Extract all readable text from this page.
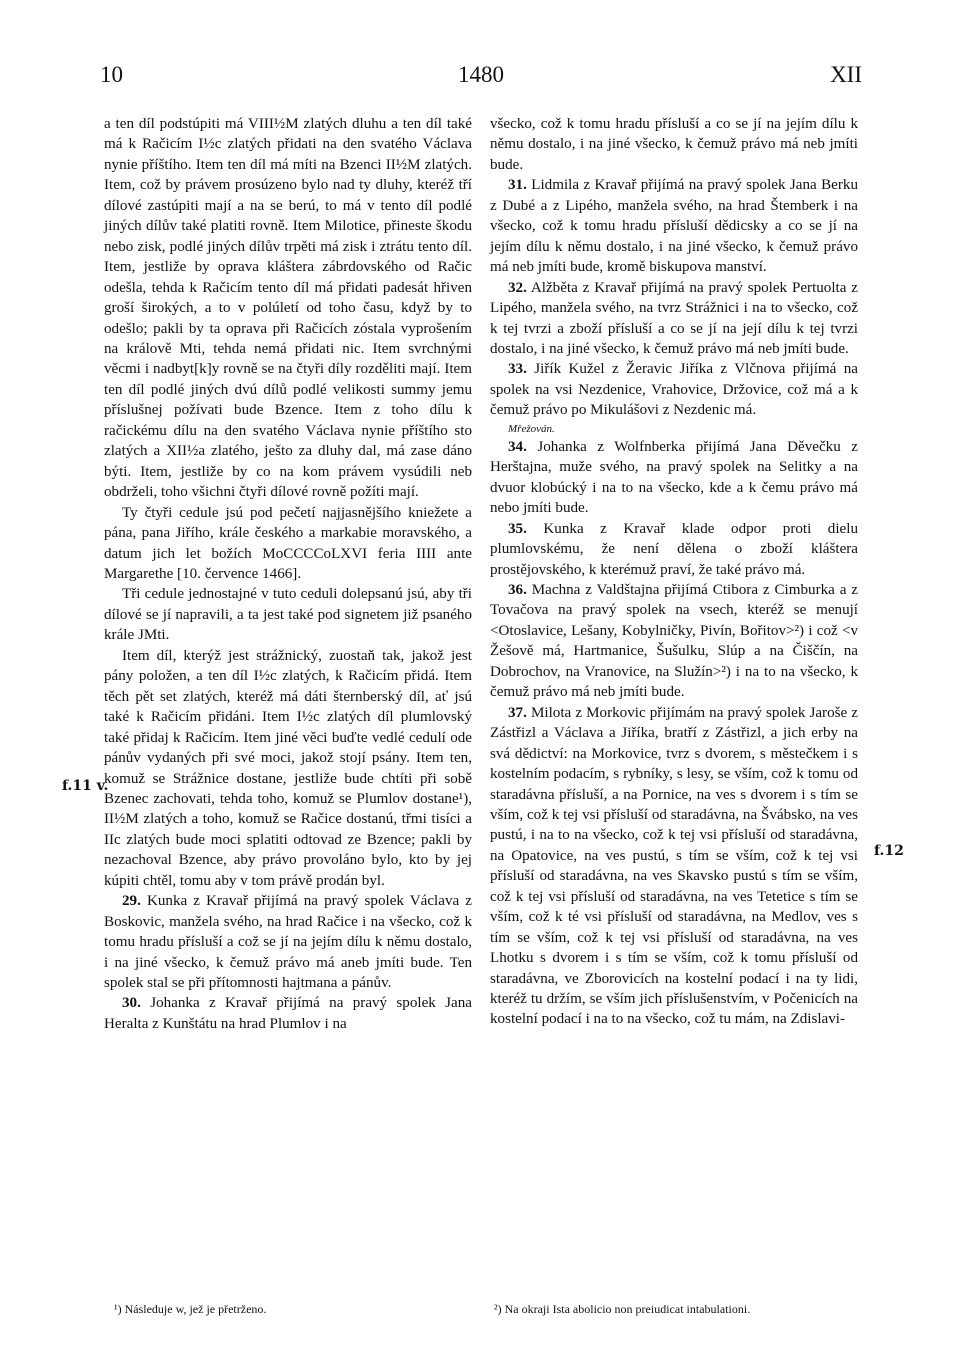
10	1480	XII

a ten díl podstúpiti má VIII½M zlatých dluhu a ten díl také má k Račicím I½c zlatých přidati na den svatého Václava nynie příštího. Item ten díl má míti na Bzenci II½M zlatých. Item, což by právem prosúzeno bylo nad ty dluhy, kteréž tří dílové zastúpiti mají a na se berú, to má v tento díl podlé jiných dílův také platiti rovně. Item Milotice, přineste škodu nebo zisk, podlé jiných dílův trpěti má zisk i ztrátu tento díl. Item, jestliže by oprava kláštera zábrdovského od Račic odešla, tehda k Račicím tento díl má přidati padesát hřiven groší širokých, a to v polúletí od toho času, když by to odešlo; pakli by ta oprava při Račicích zóstala vyprošením na králově Mti, tehda nemá přidati nic. Item svrchnými věcmi i nadbyt[k]y rovně se na čtyři díly rozděliti mají. Item ten díl podlé jiných dvú dílů podlé velikosti summy jemu příslušnej požívati bude Bzence. Item z toho dílu k račickému dílu na den svatého Václava nynie příštího sto zlatých a XII½a zlatého, ješto za dluhy dal, má zase dáno býti. Item, jestliže by co na kom právem vysúdili neb obdrželi, toho všichni čtyři dílové rovně požíti mají.

Ty čtyři cedule jsú pod pečetí najjasnějšího kniežete a pána, pana Jiřího, krále českého a markabie moravského, a datum jich let božích MoCCCCoLXVI feria IIII ante Margarethe [10. července 1466].

Tři cedule jednostajné v tuto ceduli dolepsanú jsú, aby tři dílové se jí napravili, a ta jest také pod signetem již psaného krále JMti.

Item díl, kterýž jest strážnický, zuostaň tak, jakož jest pány položen, a ten díl I½c zlatých, k Račicím přidá. Item těch pět set zlatých, kteréž má dáti šternberský díl, ať jsú také k Račicím přidáni. Item I½c zlatých díl plumlovský také přidaj k Račicím. Item jiné věci buďte vedlé cedulí ode pánův vydaných při své moci, jakož stojí psány. Item ten, komuž se Strážnice dostane, jestliže bude chtíti při sobě Bzenec zachovati, tehda toho, komuž se Plumlov dostane¹), II½M zlatých a toho, komuž se Račice dostanú, třmi tisíci a IIc zlatých bude moci splatiti odtovad ze Bzence; pakli by nezachoval Bzence, aby právo provoláno bylo, kto by jej kúpiti chtěl, tomu aby v tom právě prodán byl.

29. Kunka z Kravař přijímá na pravý spolek Václava z Boskovic, manžela svého, na hrad Račice i na všecko, což k tomu hradu přísluší a což se jí na jejím dílu k němu dostalo, i na jiné všecko, k čemuž právo má aneb jmíti bude. Ten spolek stal se při přítomnosti hajtmana a pánův.

30. Johanka z Kravař přijímá na pravý spolek Jana Heralta z Kunštátu na hrad Plumlov i na

všecko, což k tomu hradu přísluší a co se jí na jejím dílu k němu dostalo, i na jiné všecko, k čemuž právo má neb jmíti bude.

31. Lidmila z Kravař přijímá na pravý spolek Jana Berku z Dubé a z Lipého, manžela svého, na hrad Štemberk i na všecko, což k tomu hradu přísluší dědicsky a co se jí na jejím dílu k němu dostalo, i na jiné všecko, k čemuž právo má neb jmíti bude, kromě biskupova manství.

32. Alžběta z Kravař přijímá na pravý spolek Pertuolta z Lipého, manžela svého, na tvrz Strážnici i na to všecko, což k tej tvrzi a zboží přísluší a co se jí na její dílu k tej tvrzi dostalo, i na jiné všecko, k čemuž právo má neb jmíti bude.

33. Jiřík Kužel z Žeravic Jiříka z Vlčnova přijímá na spolek na vsi Nezdenice, Vrahovice, Držovice, což má a k čemuž právo po Mikulášovi z Nezdenic má.

Mřežován.

34. Johanka z Wolfnberka přijímá Jana Děvečku z Herštajna, muže svého, na pravý spolek na Selitky a na dvuor klobúcký i na to na všecko, kde a k čemu právo má nebo jmíti bude.

35. Kunka z Kravař klade odpor proti dielu plumlovskému, že není dělena o zboží kláštera prostějovského, k kterémuž praví, že také právo má.

36. Machna z Valdštajna přijímá Ctibora z Cimburka a z Tovačova na pravý spolek na vsech, kteréž se menují <Otoslavice, Lešany, Kobylničky, Pivín, Bořitov>²) i což <v Žešově má, Hartmanice, Šušulku, Slúp a na Čiščín, na Dobrochov, na Vranovice, na Služín>²) i na to na všecko, k čemuž právo má neb jmíti bude.

37. Milota z Morkovic přijímám na pravý spolek Jaroše z Zástřizl a Václava a Jiříka, bratří z Zástřizl, a jich erby na svá dědictví: na Morkovice, tvrz s dvorem, s městečkem i s kostelním podacím, s rybníky, s lesy, se vším, což k tomu od staradávna přísluší, a na Pornice, na ves s dvorem i s tím se vším, což k tej vsi přísluší od staradávna, na Švábsko, na ves pustú, i na to na všecko, což k tej vsi přísluší od staradávna, na Opatovice, na ves pustú, s tím se vším, což k tej vsi přísluší od staradávna, na ves Skavsko pustú s tím se vším, což k tej vsi přísluší od staradávna, na ves Tetetice s tím se vším, což k té vsi přísluší od staradávna, na Medlov, ves s tím se vším, což k tej vsi přísluší od staradávna, na ves Lhotku s dvorem i s tím se vším, což k tomu přísluší od staradávna, ve Zborovicích na kostelní podací i na ty lidi, kteréž tu držím, se vším jich příslušenstvím, v Počenicích na kostelní podací i na to na všecko, což tu mám, na Zdislavi-

f.11 v.
f.12
¹) Následuje w, jež je přetrženo.	²) Na okraji Ista abolicio non preiudicat intabulationi.
